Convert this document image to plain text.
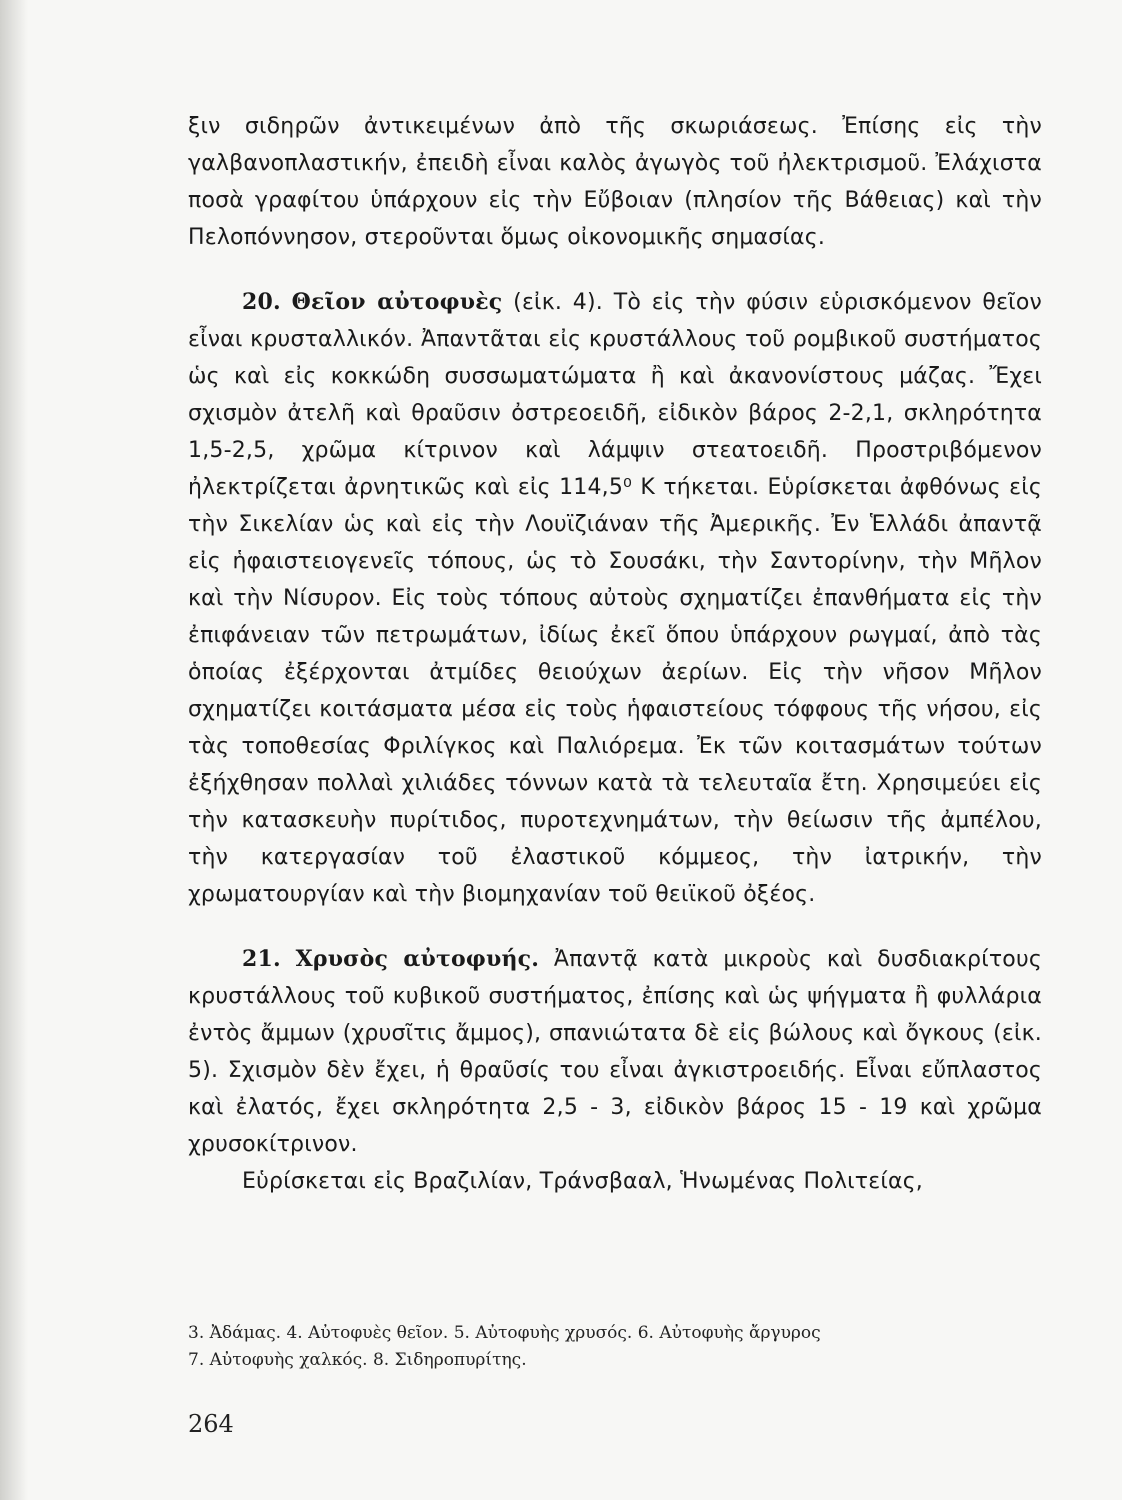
ξιν σιδηρῶν ἀντικειμένων ἀπὸ τῆς σκωριάσεως. Ἐπίσης εἰς τὴν γαλβανοπλαστικήν, ἐπειδὴ εἶναι καλὸς ἀγωγὸς τοῦ ἠλεκτρισμοῦ. Ἐλάχιστα ποσὰ γραφίτου ὑπάρχουν εἰς τὴν Εὔβοιαν (πλησίον τῆς Βάθειας) καὶ τὴν Πελοπόννησον, στεροῦνται ὅμως οἰκονομικῆς σημασίας.

20. Θεῖον αὐτοφυὲς (εἰκ. 4). Τὸ εἰς τὴν φύσιν εὑρισκόμενον θεῖον εἶναι κρυσταλλικόν. Ἀπαντᾶται εἰς κρυστάλλους τοῦ ρομβικοῦ συστήματος ὡς καὶ εἰς κοκκώδη συσσωματώματα ἢ καὶ ἀκανονίστους μάζας. Ἔχει σχισμὸν ἀτελῆ καὶ θραῦσιν ὀστρεοειδῆ, εἰδικὸν βάρος 2-2,1, σκληρότητα 1,5-2,5, χρῶμα κίτρινον καὶ λάμψιν στεατοειδῆ. Προστριβόμενον ἠλεκτρίζεται ἀρνητικῶς καὶ εἰς 114,5⁰ K τήκεται. Εὑρίσκεται ἀφθόνως εἰς τὴν Σικελίαν ὡς καὶ εἰς τὴν Λουϊζιάναν τῆς Ἀμερικῆς. Ἐν Ἑλλάδι ἀπαντᾷ εἰς ἡφαιστειογενεῖς τόπους, ὡς τὸ Σουσάκι, τὴν Σαντορίνην, τὴν Μῆλον καὶ τὴν Νίσυρον. Εἰς τοὺς τόπους αὐτοὺς σχηματίζει ἐπανθήματα εἰς τὴν ἐπιφάνειαν τῶν πετρωμάτων, ἰδίως ἐκεῖ ὅπου ὑπάρχουν ρωγμαί, ἀπὸ τὰς ὁποίας ἐξέρχονται ἀτμίδες θειούχων ἀερίων. Εἰς τὴν νῆσον Μῆλον σχηματίζει κοιτάσματα μέσα εἰς τοὺς ἡφαιστείους τόφφους τῆς νήσου, εἰς τὰς τοποθεσίας Φριλίγκος καὶ Παλιόρεμα. Ἐκ τῶν κοιτασμάτων τούτων ἐξήχθησαν πολλαὶ χιλιάδες τόννων κατὰ τὰ τελευταῖα ἔτη. Χρησιμεύει εἰς τὴν κατασκευὴν πυρίτιδος, πυροτεχνημάτων, τὴν θείωσιν τῆς ἀμπέλου, τὴν κατεργασίαν τοῦ ἐλαστικοῦ κόμμεος, τὴν ἰατρικήν, τὴν χρωματουργίαν καὶ τὴν βιομηχανίαν τοῦ θειϊκοῦ ὀξέος.

21. Χρυσὸς αὐτοφυής. Ἀπαντᾷ κατὰ μικροὺς καὶ δυσδιακρίτους κρυστάλλους τοῦ κυβικοῦ συστήματος, ἐπίσης καὶ ὡς ψήγματα ἢ φυλλάρια ἐντὸς ἄμμων (χρυσῖτις ἄμμος), σπανιώτατα δὲ εἰς βώλους καὶ ὄγκους (εἰκ. 5). Σχισμὸν δὲν ἔχει, ἡ θραῦσίς του εἶναι ἀγκιστροειδής. Εἶναι εὔπλαστος καὶ ἐλατός, ἔχει σκληρότητα 2,5 - 3, εἰδικὸν βάρος 15 - 19 καὶ χρῶμα χρυσοκίτρινον.

Εὑρίσκεται εἰς Βραζιλίαν, Τράνσβααλ, Ἡνωμένας Πολιτείας,

3. Ἀδάμας. 4. Αὐτοφυὲς θεῖον. 5. Αὐτοφυὴς χρυσός. 6. Αὐτοφυὴς ἄργυρος

7. Αὐτοφυὴς χαλκός. 8. Σιδηροπυρίτης.

264
